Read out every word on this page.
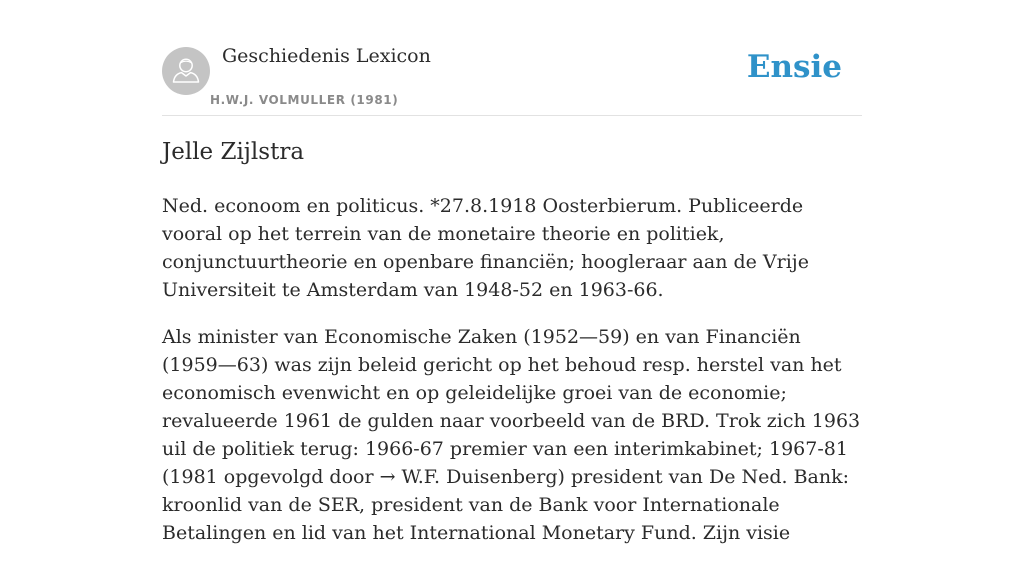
Geschiedenis Lexicon
H.W.J. VOLMULLER (1981)
Ensie
Jelle Zijlstra

Ned. econoom en politicus. *27.8.1918 Oosterbierum. Publiceerde vooral op het terrein van de monetaire theorie en politiek, conjunctuurtheorie en openbare financiën; hoogleraar aan de Vrije Universiteit te Amsterdam van 1948-52 en 1963-66.

Als minister van Economische Zaken (1952—59) en van Financiën (1959—63) was zijn beleid gericht op het behoud resp. herstel van het economisch evenwicht en op geleidelijke groei van de economie; revalueerde 1961 de gulden naar voorbeeld van de BRD. Trok zich 1963 uil de politiek terug: 1966-67 premier van een interimkabinet; 1967-81 (1981 opgevolgd door → W.F. Duisenberg) president van De Ned. Bank: kroonlid van de SER, president van de Bank voor Internationale Betalingen en lid van het International Monetary Fund. Zijn visie
